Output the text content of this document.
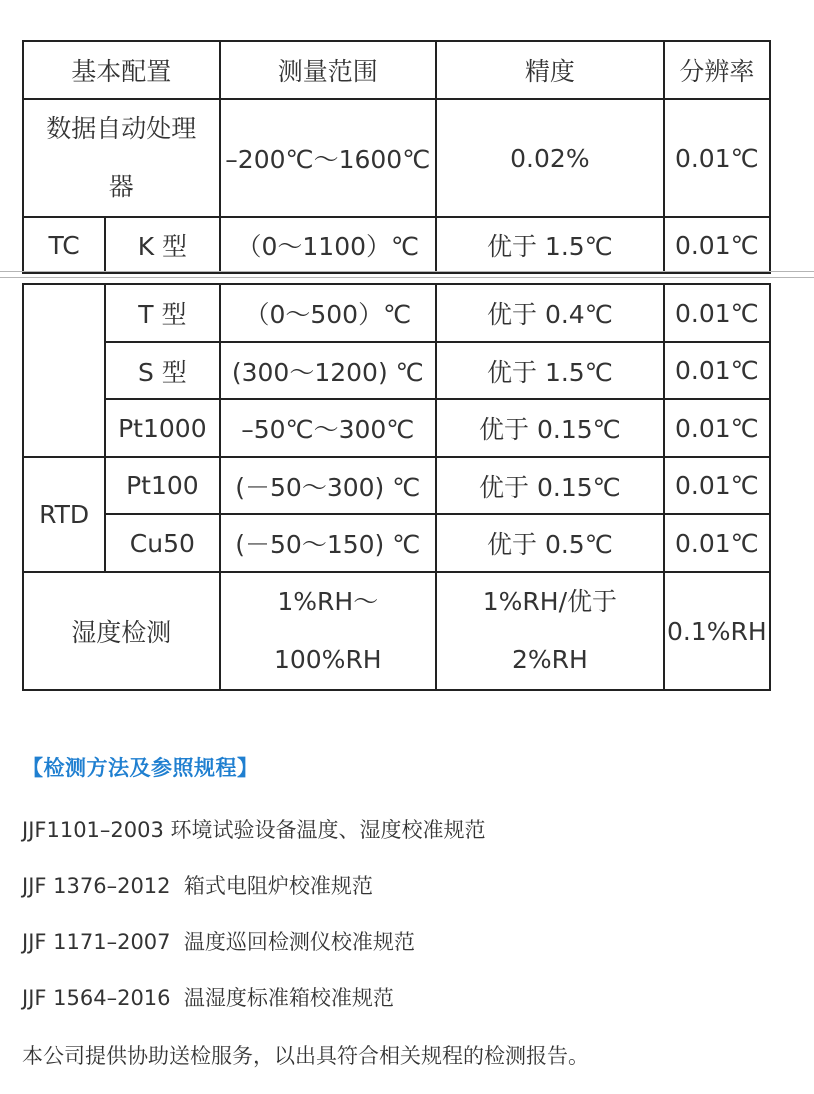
基本配置		测量范围	精度	分辨率
数据自动处理器		–200℃～1600℃	0.02%	0.01℃
TC	K 型	（0～1100）℃	优于 1.5℃	0.01℃
	T 型	（0～500）℃	优于 0.4℃	0.01℃
	S 型	(300～1200) ℃	优于 1.5℃	0.01℃
	Pt1000	–50℃～300℃	优于 0.15℃	0.01℃
RTD	Pt100	(－50～300) ℃	优于 0.15℃	0.01℃
	Cu50	(－50～150) ℃	优于 0.5℃	0.01℃
湿度检测		1%RH～100%RH	1%RH/优于2%RH	0.1%RH
【检测方法及参照规程】
JJF1101–2003 环境试验设备温度、湿度校准规范
JJF 1376–2012  箱式电阻炉校准规范
JJF 1171–2007  温度巡回检测仪校准规范
JJF 1564–2016  温湿度标准箱校准规范
本公司提供协助送检服务，以出具符合相关规程的检测报告。
